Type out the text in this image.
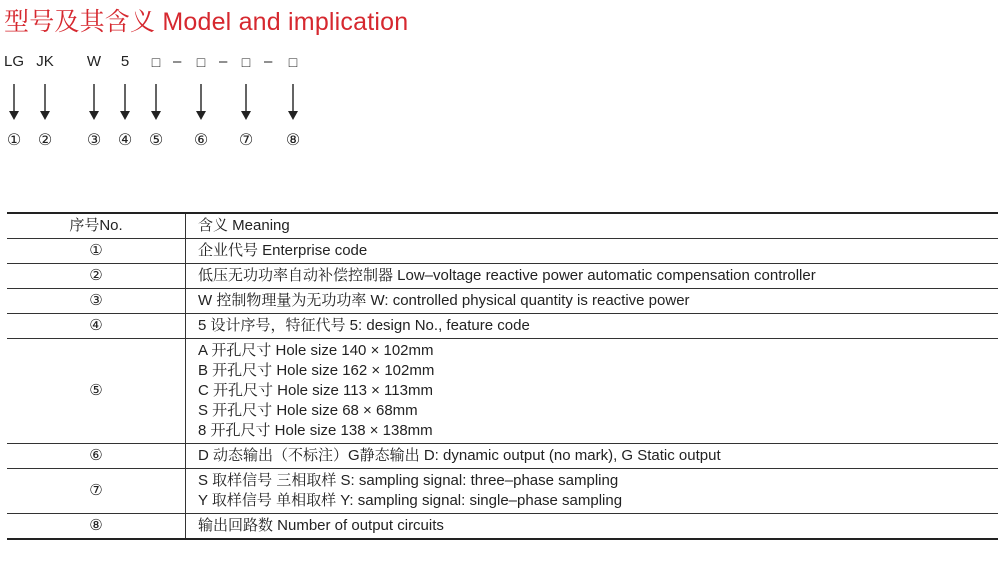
型号及其含义 Model and implication
LG
①
JK
②
W
③
5
④
□
⑤
–	□
⑥
–	□
⑦
–	□
⑧
序号No.	含义 Meaning
①	企业代号 Enterprise code

②	低压无功功率自动补偿控制器 Low–voltage reactive power automatic compensation controller

③	W 控制物理量为无功功率 W: controlled physical quantity is reactive power

④	5 设计序号，特征代号 5: design No., feature code

⑤	A 开孔尺寸 Hole size 140 × 102mm
B 开孔尺寸 Hole size 162 × 102mm
C 开孔尺寸 Hole size 113 × 113mm
S 开孔尺寸 Hole size 68 × 68mm
8 开孔尺寸 Hole size 138 × 138mm

⑥	D 动态输出（不标注）G静态输出 D: dynamic output (no mark), G Static output

⑦	S 取样信号 三相取样 S: sampling signal: three–phase sampling
Y 取样信号 单相取样 Y: sampling signal: single–phase sampling

⑧	输出回路数 Number of output circuits
